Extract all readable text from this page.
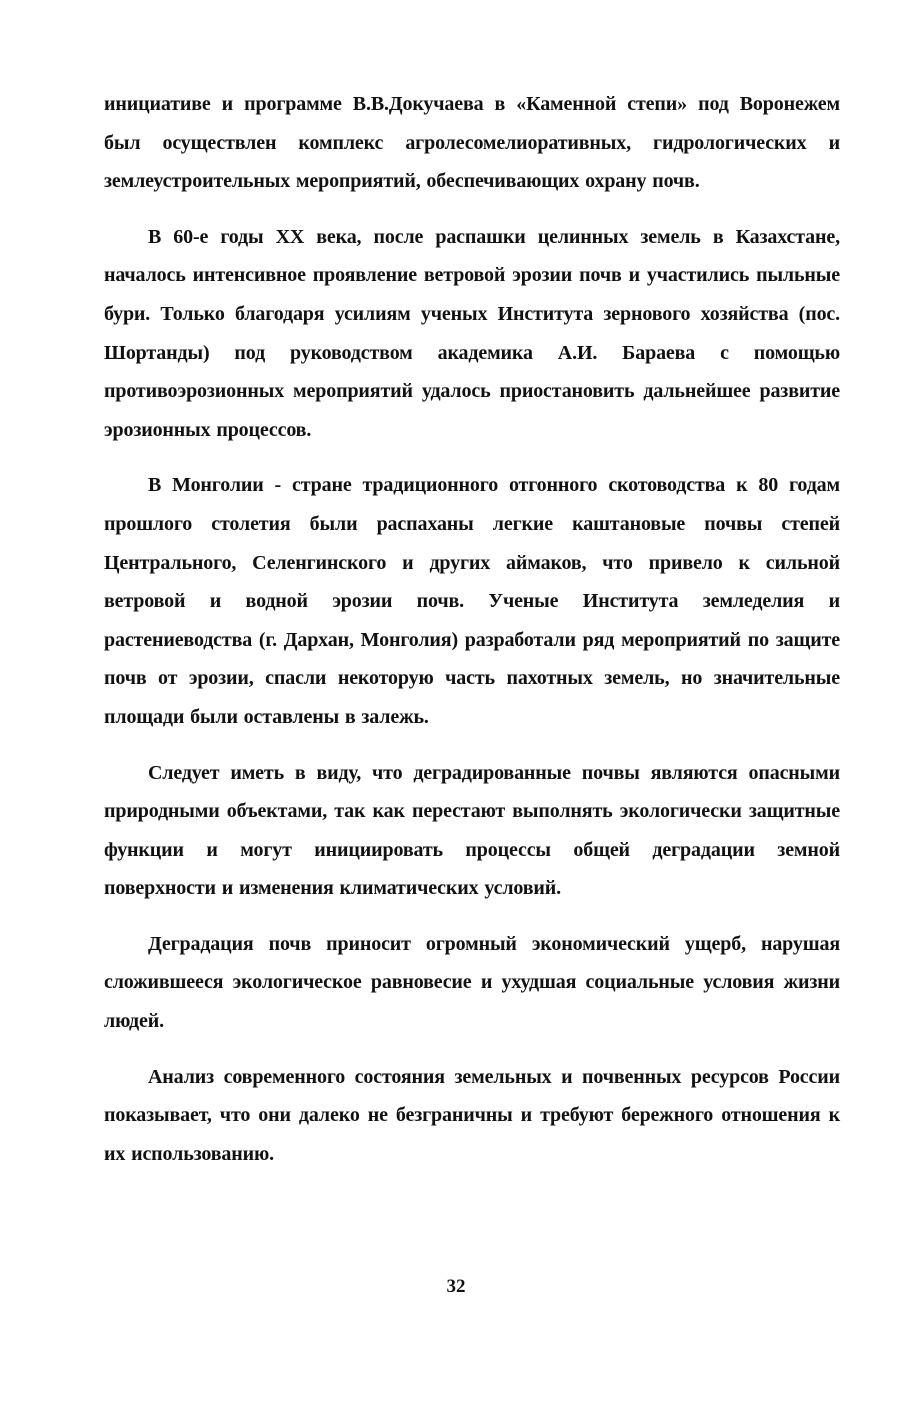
инициативе и программе В.В.Докучаева в «Каменной степи» под Воронежем был осуществлен комплекс агролесомелиоративных, гидрологических и землеустроительных мероприятий, обеспечивающих охрану почв.

В 60-е годы XX века, после распашки целинных земель в Казахстане, началось интенсивное проявление ветровой эрозии почв и участились пыльные бури. Только благодаря усилиям ученых Института зернового хозяйства (пос. Шортанды) под руководством академика А.И. Бараева с помощью противоэрозионных мероприятий удалось приостановить дальнейшее развитие эрозионных процессов.

В Монголии - стране традиционного отгонного скотоводства к 80 годам прошлого столетия были распаханы легкие каштановые почвы степей Центрального, Селенгинского и других аймаков, что привело к сильной ветровой и водной эрозии почв. Ученые Института земледелия и растениеводства (г. Дархан, Монголия) разработали ряд мероприятий по защите почв от эрозии, спасли некоторую часть пахотных земель, но значительные площади были оставлены в залежь.

Следует иметь в виду, что деградированные почвы являются опасными природными объектами, так как перестают выполнять экологически защитные функции и могут инициировать процессы общей деградации земной поверхности и изменения климатических условий.

Деградация почв приносит огромный экономический ущерб, нарушая сложившееся экологическое равновесие и ухудшая социальные условия жизни людей.

Анализ современного состояния земельных и почвенных ресурсов России показывает, что они далеко не безграничны и требуют бережного отношения к их использованию.

32
